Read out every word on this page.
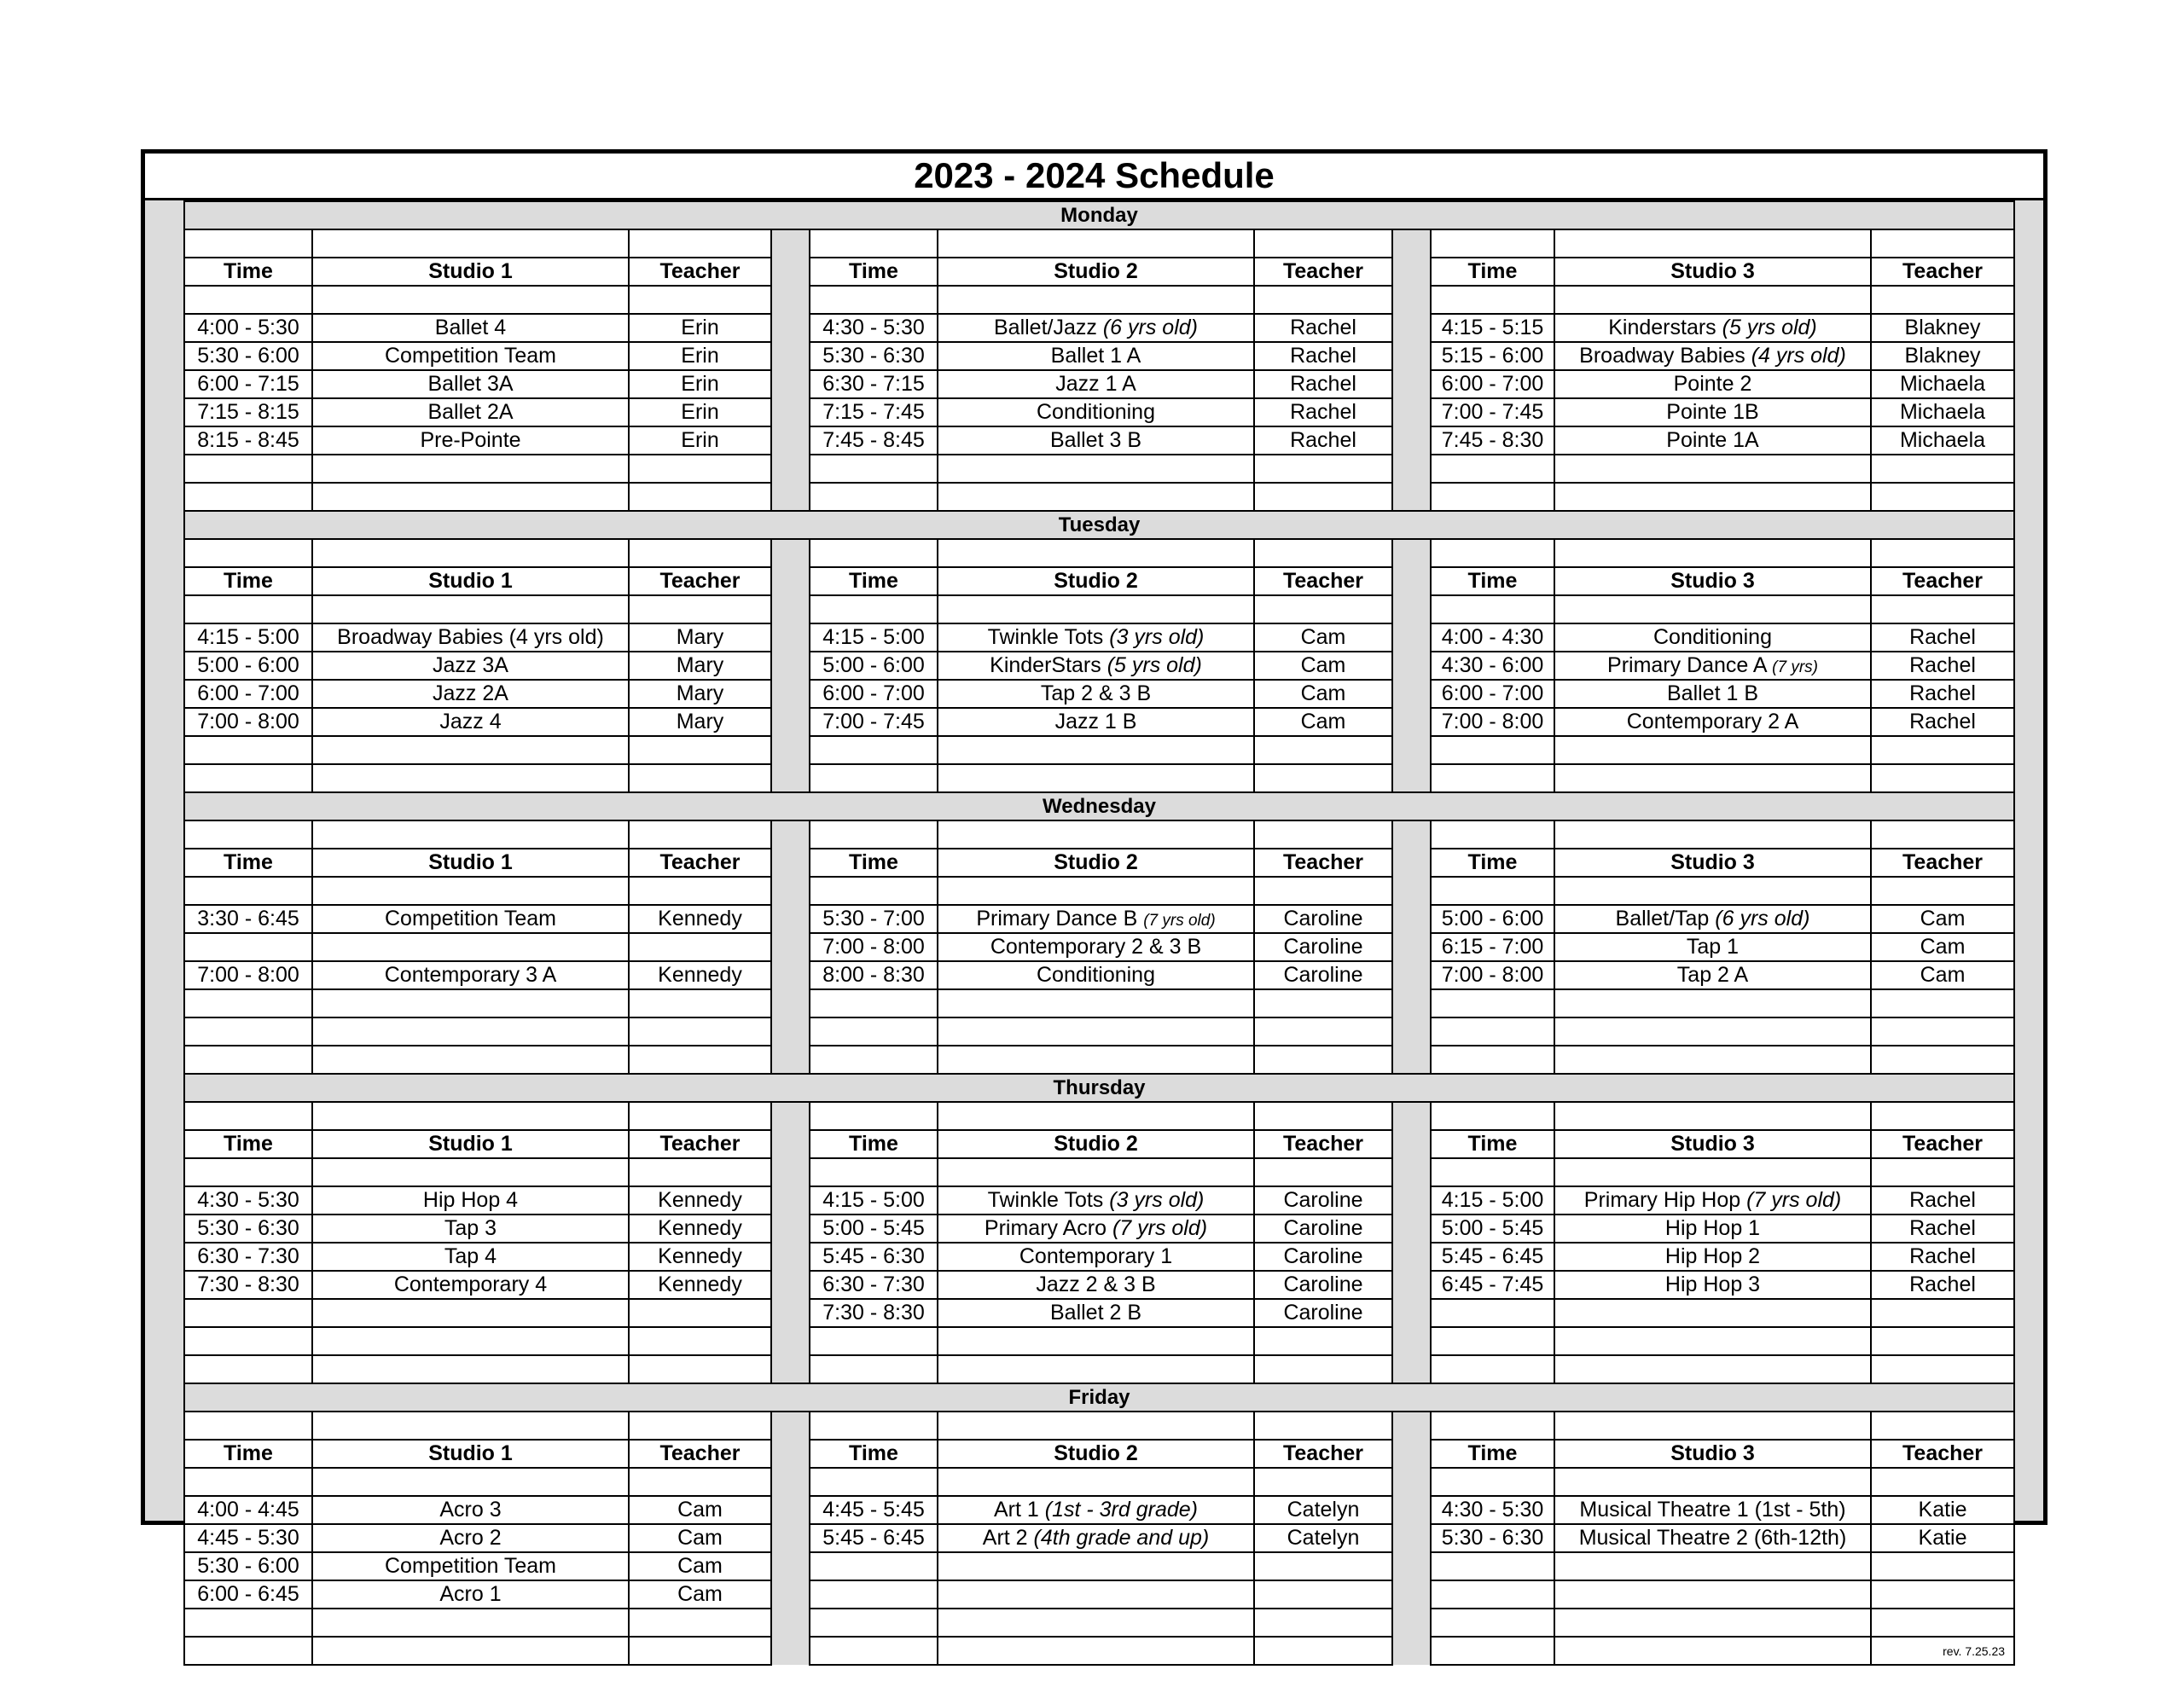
2023 - 2024 Schedule
Monday										

Time	Studio 1	Teacher		Time	Studio 2	Teacher		Time	Studio 3	Teacher

4:00 - 5:30	Ballet 4	Erin		4:30 - 5:30	Ballet/Jazz (6 yrs old)	Rachel		4:15 - 5:15	Kinderstars (5 yrs old)	Blakney
5:30 - 6:00	Competition Team	Erin		5:30 - 6:30	Ballet 1 A	Rachel		5:15 - 6:00	Broadway Babies (4 yrs old)	Blakney
6:00 - 7:15	Ballet 3A	Erin		6:30 - 7:15	Jazz 1 A	Rachel		6:00 - 7:00	Pointe 2	Michaela
7:15 - 8:15	Ballet 2A	Erin		7:15 - 7:45	Conditioning	Rachel		7:00 - 7:45	Pointe 1B	Michaela
8:15 - 8:45	Pre-Pointe	Erin		7:45 - 8:45	Ballet 3 B	Rachel		7:45 - 8:30	Pointe 1A	Michaela

Tuesday										

Time	Studio 1	Teacher		Time	Studio 2	Teacher		Time	Studio 3	Teacher

4:15 - 5:00	Broadway Babies (4 yrs old)	Mary		4:15 - 5:00	Twinkle Tots (3 yrs old)	Cam		4:00 - 4:30	Conditioning	Rachel
5:00 - 6:00	Jazz 3A	Mary		5:00 - 6:00	KinderStars (5 yrs old)	Cam		4:30 - 6:00	Primary Dance A (7 yrs)	Rachel
6:00 - 7:00	Jazz 2A	Mary		6:00 - 7:00	Tap 2 & 3 B	Cam		6:00 - 7:00	Ballet 1 B	Rachel
7:00 - 8:00	Jazz 4	Mary		7:00 - 7:45	Jazz 1 B	Cam		7:00 - 8:00	Contemporary 2 A	Rachel

Wednesday										

Time	Studio 1	Teacher		Time	Studio 2	Teacher		Time	Studio 3	Teacher

3:30 - 6:45	Competition Team	Kennedy		5:30 - 7:00	Primary Dance B (7 yrs old)	Caroline		5:00 - 6:00	Ballet/Tap (6 yrs old)	Cam
				7:00 - 8:00	Contemporary 2 & 3 B	Caroline		6:15 - 7:00	Tap 1	Cam
7:00 - 8:00	Contemporary 3 A	Kennedy		8:00 - 8:30	Conditioning	Caroline		7:00 - 8:00	Tap 2 A	Cam

Thursday										

Time	Studio 1	Teacher		Time	Studio 2	Teacher		Time	Studio 3	Teacher

4:30 - 5:30	Hip Hop 4	Kennedy		4:15 - 5:00	Twinkle Tots (3 yrs old)	Caroline		4:15 - 5:00	Primary Hip Hop (7 yrs old)	Rachel
5:30 - 6:30	Tap 3	Kennedy		5:00 - 5:45	Primary Acro (7 yrs old)	Caroline		5:00 - 5:45	Hip Hop 1	Rachel
6:30 - 7:30	Tap 4	Kennedy		5:45 - 6:30	Contemporary 1	Caroline		5:45 - 6:45	Hip Hop 2	Rachel
7:30 - 8:30	Contemporary 4	Kennedy		6:30 - 7:30	Jazz 2 & 3 B	Caroline		6:45 - 7:45	Hip Hop 3	Rachel
				7:30 - 8:30	Ballet 2 B	Caroline				

Friday										

Time	Studio 1	Teacher		Time	Studio 2	Teacher		Time	Studio 3	Teacher

4:00 - 4:45	Acro 3	Cam		4:45 - 5:45	Art 1 (1st - 3rd grade)	Catelyn		4:30 - 5:30	Musical Theatre 1 (1st - 5th)	Katie
4:45 - 5:30	Acro 2	Cam		5:45 - 6:45	Art 2 (4th grade and up)	Catelyn		5:30 - 6:30	Musical Theatre 2 (6th-12th)	Katie
5:30 - 6:00	Competition Team	Cam								
6:00 - 6:45	Acro 1	Cam								

										rev. 7.25.23
